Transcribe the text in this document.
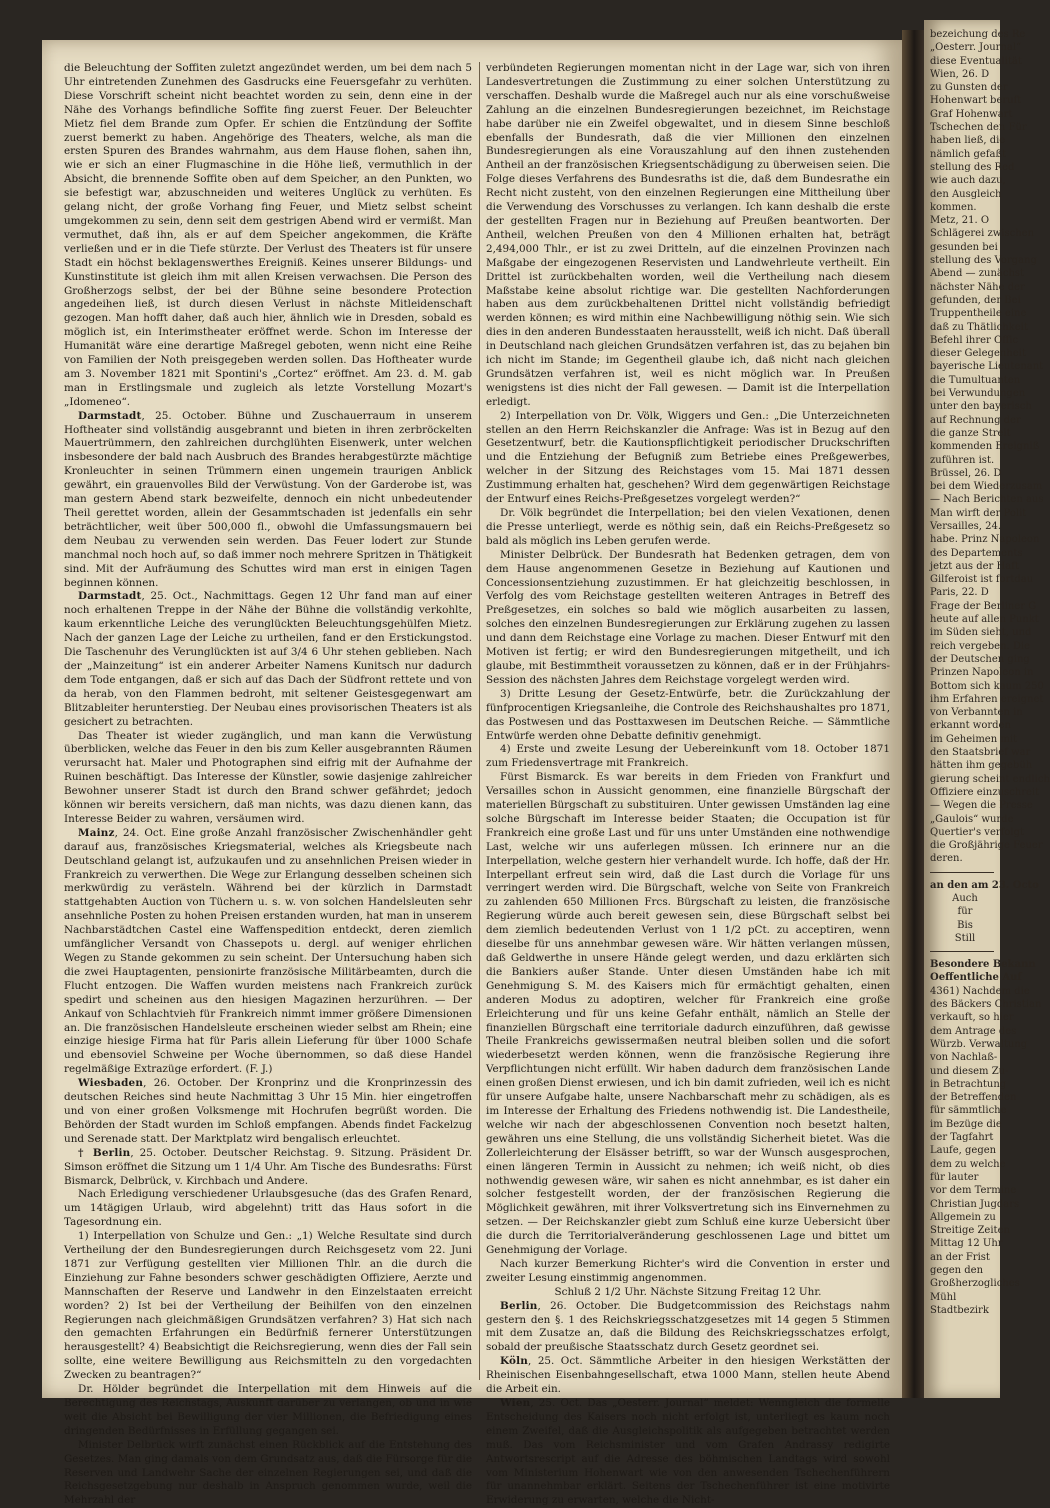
die Beleuchtung der Soffiten zuletzt angezündet werden, um bei dem nach 5 Uhr eintretenden Zunehmen des Gasdrucks eine Feuersgefahr zu verhüten. Diese Vorschrift scheint nicht beachtet worden zu sein, denn eine in der Nähe des Vorhangs befindliche Soffite fing zuerst Feuer. Der Beleuchter Mietz fiel dem Brande zum Opfer. Er schien die Entzündung der Soffite zuerst bemerkt zu haben. Angehörige des Theaters, welche, als man die ersten Spuren des Brandes wahrnahm, aus dem Hause flohen, sahen ihn, wie er sich an einer Flugmaschine in die Höhe ließ, vermuthlich in der Absicht, die brennende Soffite oben auf dem Speicher, an den Punkten, wo sie befestigt war, abzuschneiden und weiteres Unglück zu verhüten. Es gelang nicht, der große Vorhang fing Feuer, und Mietz selbst scheint umgekommen zu sein, denn seit dem gestrigen Abend wird er vermißt. Man vermuthet, daß ihn, als er auf dem Speicher angekommen, die Kräfte verließen und er in die Tiefe stürzte. Der Verlust des Theaters ist für unsere Stadt ein höchst beklagenswerthes Ereigniß. Keines unserer Bildungs- und Kunstinstitute ist gleich ihm mit allen Kreisen verwachsen. Die Person des Großherzogs selbst, der bei der Bühne seine besondere Protection angedeihen ließ, ist durch diesen Verlust in nächste Mitleidenschaft gezogen. Man hofft daher, daß auch hier, ähnlich wie in Dresden, sobald es möglich ist, ein Interimstheater eröffnet werde. Schon im Interesse der Humanität wäre eine derartige Maßregel geboten, wenn nicht eine Reihe von Familien der Noth preisgegeben werden sollen. Das Hoftheater wurde am 3. November 1821 mit Spontini's „Cortez“ eröffnet. Am 23. d. M. gab man in Erstlingsmale und zugleich als letzte Vorstellung Mozart's „Idomeneo“.

Darmstadt, 25. October. Bühne und Zuschauerraum in unserem Hoftheater sind vollständig ausgebrannt und bieten in ihren zerbröckelten Mauertrümmern, den zahlreichen durchglühten Eisenwerk, unter welchen insbesondere der bald nach Ausbruch des Brandes herabgestürzte mächtige Kronleuchter in seinen Trümmern einen ungemein traurigen Anblick gewährt, ein grauenvolles Bild der Verwüstung. Von der Garderobe ist, was man gestern Abend stark bezweifelte, dennoch ein nicht unbedeutender Theil gerettet worden, allein der Gesammtschaden ist jedenfalls ein sehr beträchtlicher, weit über 500,000 fl., obwohl die Umfassungsmauern bei dem Neubau zu verwenden sein werden. Das Feuer lodert zur Stunde manchmal noch hoch auf, so daß immer noch mehrere Spritzen in Thätigkeit sind. Mit der Aufräumung des Schuttes wird man erst in einigen Tagen beginnen können.

Darmstadt, 25. Oct., Nachmittags. Gegen 12 Uhr fand man auf einer noch erhaltenen Treppe in der Nähe der Bühne die vollständig verkohlte, kaum erkenntliche Leiche des verunglückten Beleuchtungsgehülfen Mietz. Nach der ganzen Lage der Leiche zu urtheilen, fand er den Erstickungstod. Die Taschenuhr des Verunglückten ist auf 3/4 6 Uhr stehen geblieben. Nach der „Mainzeitung“ ist ein anderer Arbeiter Namens Kunitsch nur dadurch dem Tode entgangen, daß er sich auf das Dach der Südfront rettete und von da herab, von den Flammen bedroht, mit seltener Geistesgegenwart am Blitzableiter herunterstieg. Der Neubau eines provisorischen Theaters ist als gesichert zu betrachten.

Das Theater ist wieder zugänglich, und man kann die Verwüstung überblicken, welche das Feuer in den bis zum Keller ausgebrannten Räumen verursacht hat. Maler und Photographen sind eifrig mit der Aufnahme der Ruinen beschäftigt. Das Interesse der Künstler, sowie dasjenige zahlreicher Bewohner unserer Stadt ist durch den Brand schwer gefährdet; jedoch können wir bereits versichern, daß man nichts, was dazu dienen kann, das Interesse Beider zu wahren, versäumen wird.

Mainz, 24. Oct. Eine große Anzahl französischer Zwischenhändler geht darauf aus, französisches Kriegsmaterial, welches als Kriegsbeute nach Deutschland gelangt ist, aufzukaufen und zu ansehnlichen Preisen wieder in Frankreich zu verwerthen. Die Wege zur Erlangung desselben scheinen sich merkwürdig zu verästeln. Während bei der kürzlich in Darmstadt stattgehabten Auction von Tüchern u. s. w. von solchen Handelsleuten sehr ansehnliche Posten zu hohen Preisen erstanden wurden, hat man in unserem Nachbarstädtchen Castel eine Waffenspedition entdeckt, deren ziemlich umfänglicher Versandt von Chassepots u. dergl. auf weniger ehrlichen Wegen zu Stande gekommen zu sein scheint. Der Untersuchung haben sich die zwei Hauptagenten, pensionirte französische Militärbeamten, durch die Flucht entzogen. Die Waffen wurden meistens nach Frankreich zurück spedirt und scheinen aus den hiesigen Magazinen herzurühren. — Der Ankauf von Schlachtvieh für Frankreich nimmt immer größere Dimensionen an. Die französischen Handelsleute erscheinen wieder selbst am Rhein; eine einzige hiesige Firma hat für Paris allein Lieferung für über 1000 Schafe und ebensoviel Schweine per Woche übernommen, so daß diese Handel regelmäßige Extrazüge erfordert. (F. J.)

Wiesbaden, 26. October. Der Kronprinz und die Kronprinzessin des deutschen Reiches sind heute Nachmittag 3 Uhr 15 Min. hier eingetroffen und von einer großen Volksmenge mit Hochrufen begrüßt worden. Die Behörden der Stadt wurden im Schloß empfangen. Abends findet Fackelzug und Serenade statt. Der Marktplatz wird bengalisch erleuchtet.

† Berlin, 25. October. Deutscher Reichstag. 9. Sitzung. Präsident Dr. Simson eröffnet die Sitzung um 1 1/4 Uhr. Am Tische des Bundesraths: Fürst Bismarck, Delbrück, v. Kirchbach und Andere.

Nach Erledigung verschiedener Urlaubsgesuche (das des Grafen Renard, um 14tägigen Urlaub, wird abgelehnt) tritt das Haus sofort in die Tagesordnung ein.

1) Interpellation von Schulze und Gen.: „1) Welche Resultate sind durch Vertheilung der den Bundesregierungen durch Reichsgesetz vom 22. Juni 1871 zur Verfügung gestellten vier Millionen Thlr. an die durch die Einziehung zur Fahne besonders schwer geschädigten Offiziere, Aerzte und Mannschaften der Reserve und Landwehr in den Einzelstaaten erreicht worden? 2) Ist bei der Vertheilung der Beihilfen von den einzelnen Regierungen nach gleichmäßigen Grundsätzen verfahren? 3) Hat sich nach den gemachten Erfahrungen ein Bedürfniß fernerer Unterstützungen herausgestellt? 4) Beabsichtigt die Reichsregierung, wenn dies der Fall sein sollte, eine weitere Bewilligung aus Reichsmitteln zu den vorgedachten Zwecken zu beantragen?“

Dr. Hölder begründet die Interpellation mit dem Hinweis auf die Berechtigung des Reichstags, Auskunft darüber zu verlangen, ob und in wie weit die Absicht bei Bewilligung der vier Millionen, die Befriedigung eines dringenden Bedürfnisses in Erfüllung gegangen sei.

Minister Delbrück wirft zunächst einen Rückblick auf die Entstehung des Gesetzes. Man ging damals von dem Grundsatz aus, daß die Fürsorge für die Reserven und Landwehr Sache der einzelnen Regierungen sei, und daß die Reichsgesetzgebung nur deshalb in Anspruch genommen wurde, weil die Mehrzahl der

verbündeten Regierungen momentan nicht in der Lage war, sich von ihren Landesvertretungen die Zustimmung zu einer solchen Unterstützung zu verschaffen. Deshalb wurde die Maßregel auch nur als eine vorschußweise Zahlung an die einzelnen Bundesregierungen bezeichnet, im Reichstage habe darüber nie ein Zweifel obgewaltet, und in diesem Sinne beschloß ebenfalls der Bundesrath, daß die vier Millionen den einzelnen Bundesregierungen als eine Vorauszahlung auf den ihnen zustehenden Antheil an der französischen Kriegsentschädigung zu überweisen seien. Die Folge dieses Verfahrens des Bundesraths ist die, daß dem Bundesrathe ein Recht nicht zusteht, von den einzelnen Regierungen eine Mittheilung über die Verwendung des Vorschusses zu verlangen. Ich kann deshalb die erste der gestellten Fragen nur in Beziehung auf Preußen beantworten. Der Antheil, welchen Preußen von den 4 Millionen erhalten hat, beträgt 2,494,000 Thlr., er ist zu zwei Dritteln, auf die einzelnen Provinzen nach Maßgabe der eingezogenen Reservisten und Landwehrleute vertheilt. Ein Drittel ist zurückbehalten worden, weil die Vertheilung nach diesem Maßstabe keine absolut richtige war. Die gestellten Nachforderungen haben aus dem zurückbehaltenen Drittel nicht vollständig befriedigt werden können; es wird mithin eine Nachbewilligung nöthig sein. Wie sich dies in den anderen Bundesstaaten herausstellt, weiß ich nicht. Daß überall in Deutschland nach gleichen Grundsätzen verfahren ist, das zu bejahen bin ich nicht im Stande; im Gegentheil glaube ich, daß nicht nach gleichen Grundsätzen verfahren ist, weil es nicht möglich war. In Preußen wenigstens ist dies nicht der Fall gewesen. — Damit ist die Interpellation erledigt.

2) Interpellation von Dr. Völk, Wiggers und Gen.: „Die Unterzeichneten stellen an den Herrn Reichskanzler die Anfrage: Was ist in Bezug auf den Gesetzentwurf, betr. die Kautionspflichtigkeit periodischer Druckschriften und die Entziehung der Befugniß zum Betriebe eines Preßgewerbes, welcher in der Sitzung des Reichstages vom 15. Mai 1871 dessen Zustimmung erhalten hat, geschehen? Wird dem gegenwärtigen Reichstage der Entwurf eines Reichs-Preßgesetzes vorgelegt werden?“

Dr. Völk begründet die Interpellation; bei den vielen Vexationen, denen die Presse unterliegt, werde es nöthig sein, daß ein Reichs-Preßgesetz so bald als möglich ins Leben gerufen werde.

Minister Delbrück. Der Bundesrath hat Bedenken getragen, dem von dem Hause angenommenen Gesetze in Beziehung auf Kautionen und Concessionsentziehung zuzustimmen. Er hat gleichzeitig beschlossen, in Verfolg des vom Reichstage gestellten weiteren Antrages in Betreff des Preßgesetzes, ein solches so bald wie möglich ausarbeiten zu lassen, solches den einzelnen Bundesregierungen zur Erklärung zugehen zu lassen und dann dem Reichstage eine Vorlage zu machen. Dieser Entwurf mit den Motiven ist fertig; er wird den Bundesregierungen mitgetheilt, und ich glaube, mit Bestimmtheit voraussetzen zu können, daß er in der Frühjahrs-Session des nächsten Jahres dem Reichstage vorgelegt werden wird.

3) Dritte Lesung der Gesetz-Entwürfe, betr. die Zurückzahlung der fünfprocentigen Kriegsanleihe, die Controle des Reichshaushaltes pro 1871, das Postwesen und das Posttaxwesen im Deutschen Reiche. — Sämmtliche Entwürfe werden ohne Debatte definitiv genehmigt.

4) Erste und zweite Lesung der Uebereinkunft vom 18. October 1871 zum Friedensvertrage mit Frankreich.

Fürst Bismarck. Es war bereits in dem Frieden von Frankfurt und Versailles schon in Aussicht genommen, eine finanzielle Bürgschaft der materiellen Bürgschaft zu substituiren. Unter gewissen Umständen lag eine solche Bürgschaft im Interesse beider Staaten; die Occupation ist für Frankreich eine große Last und für uns unter Umständen eine nothwendige Last, welche wir uns auferlegen müssen. Ich erinnere nur an die Interpellation, welche gestern hier verhandelt wurde. Ich hoffe, daß der Hr. Interpellant erfreut sein wird, daß die Last durch die Vorlage für uns verringert werden wird. Die Bürgschaft, welche von Seite von Frankreich zu zahlenden 650 Millionen Frcs. Bürgschaft zu leisten, die französische Regierung würde auch bereit gewesen sein, diese Bürgschaft selbst bei dem ziemlich bedeutenden Verlust von 1 1/2 pCt. zu acceptiren, wenn dieselbe für uns annehmbar gewesen wäre. Wir hätten verlangen müssen, daß Geldwerthe in unsere Hände gelegt werden, und dazu erklärten sich die Bankiers außer Stande. Unter diesen Umständen habe ich mit Genehmigung S. M. des Kaisers mich für ermächtigt gehalten, einen anderen Modus zu adoptiren, welcher für Frankreich eine große Erleichterung und für uns keine Gefahr enthält, nämlich an Stelle der finanziellen Bürgschaft eine territoriale dadurch einzuführen, daß gewisse Theile Frankreichs gewissermaßen neutral bleiben sollen und die sofort wiederbesetzt werden können, wenn die französische Regierung ihre Verpflichtungen nicht erfüllt. Wir haben dadurch dem französischen Lande einen großen Dienst erwiesen, und ich bin damit zufrieden, weil ich es nicht für unsere Aufgabe halte, unsere Nachbarschaft mehr zu schädigen, als es im Interesse der Erhaltung des Friedens nothwendig ist. Die Landestheile, welche wir nach der abgeschlossenen Convention noch besetzt halten, gewähren uns eine Stellung, die uns vollständig Sicherheit bietet. Was die Zollerleichterung der Elsässer betrifft, so war der Wunsch ausgesprochen, einen längeren Termin in Aussicht zu nehmen; ich weiß nicht, ob dies nothwendig gewesen wäre, wir sahen es nicht annehmbar, es ist daher ein solcher festgestellt worden, der der französischen Regierung die Möglichkeit gewähren, mit ihrer Volksvertretung sich ins Einvernehmen zu setzen. — Der Reichskanzler giebt zum Schluß eine kurze Uebersicht über die durch die Territorialveränderung geschlossenen Lage und bittet um Genehmigung der Vorlage.

Nach kurzer Bemerkung Richter's wird die Convention in erster und zweiter Lesung einstimmig angenommen.

Schluß 2 1/2 Uhr. Nächste Sitzung Freitag 12 Uhr.

Berlin, 26. October. Die Budgetcommission des Reichstags nahm gestern den §. 1 des Reichskriegsschatzgesetzes mit 14 gegen 5 Stimmen mit dem Zusatze an, daß die Bildung des Reichskriegsschatzes erfolgt, sobald der preußische Staatsschatz durch Gesetz geordnet sei.

Köln, 25. Oct. Sämmtliche Arbeiter in den hiesigen Werkstätten der Rheinischen Eisenbahngesellschaft, etwa 1000 Mann, stellen heute Abend die Arbeit ein.

Wien, 25. Oct. Das „Oesterr. Journal“ meldet: Wenngleich die formelle Entscheidung des Kaisers noch nicht erfolgt ist, unterliegt es kaum noch einem Zweifel, daß die Ausgleichspolitik als aufgegeben betrachtet werden muß. Das vom Reichsminister und vom Grafen Andrassy redigirte Antwortsrescript auf die Adresse des böhmischen Landtags wird sowohl vom Ministerium Hohenwart wie von den anwesenden Tschechenführern für unannehmbar erklärt. Seitens der Tschechenführer ist eine motivirte Erwiderung zu erwarten, welche die Nicht-

bezeichung des Re
„Oesterr. Journal“
diese Eventualität
Wien, 26. D
zu Gunsten der
Hohenwart beruft
Graf Hohenwart
Tschechen den Für
haben ließ, die
nämlich gefaßt
stellung des Red
wie auch dazu,
den Ausgleich
kommen.
Metz, 21. O
Schlägerei zwischen
gesunden bei
stellung des Vorgang
Abend — zunächst
nächster Nähe der
gefunden, der Bei
Truppentheile eine
daß zu Thätlichkeit
Befehl ihrer Offic
dieser Gelegenheit
bayerische Lieutenant
die Tumultuanten
bei Verwundungen
unter den bayerisch
auf Rechnung der
die ganze Streit
kommenden Ereigniß
zuführen ist.
Brüssel, 26. D
bei dem Wiederzusam
— Nach Berichten aus
Man wirft der Polit
Versailles, 24.
habe. Prinz Napoleon
des Departements
jetzt aus der Haft
Gilferoist ist fortdau
Paris, 22. D
Frage der Berliner G
heute auf allen Punkt
im Süden sieht, und
reich vergeben. Die
der Deutschen ging
Prinzen Napoleon in
Bottom sich kaum 250
ihm Erfahren ereignet
von Verbannten in
erkannt worden
im Geheimen mit
den Staatsbrief war
hätten ihm gegebüh
gierung scheint endlich
Offiziere einzuschreit
— Wegen die Presse
„Gaulois“ wurde
Quertier's verfolgt
die Großjährige Feuer
deren.
an den am 23. Octo
Auch
für
Bis
Still
Besondere Bekann
Oeffentliche Auf
4361) Nachdem die
des Bäckers Christian
verkauft, so hier
dem Antrage des
Würzb. Verwaltung
von Nachlaß-
und diesem Zu-
in Betrachtung
der Betreffenden
für sämmtliche
im Bezüge die
der Tagfahrt
Laufe, gegen
dem zu welche
für lauter
vor dem Termine
Christian Jugdars
Allgemein zu
Streitige Zeiten
Mittag 12 Uhr
an der Frist
gegen den
Großherzogliches
Mühl
Stadtbezirk
